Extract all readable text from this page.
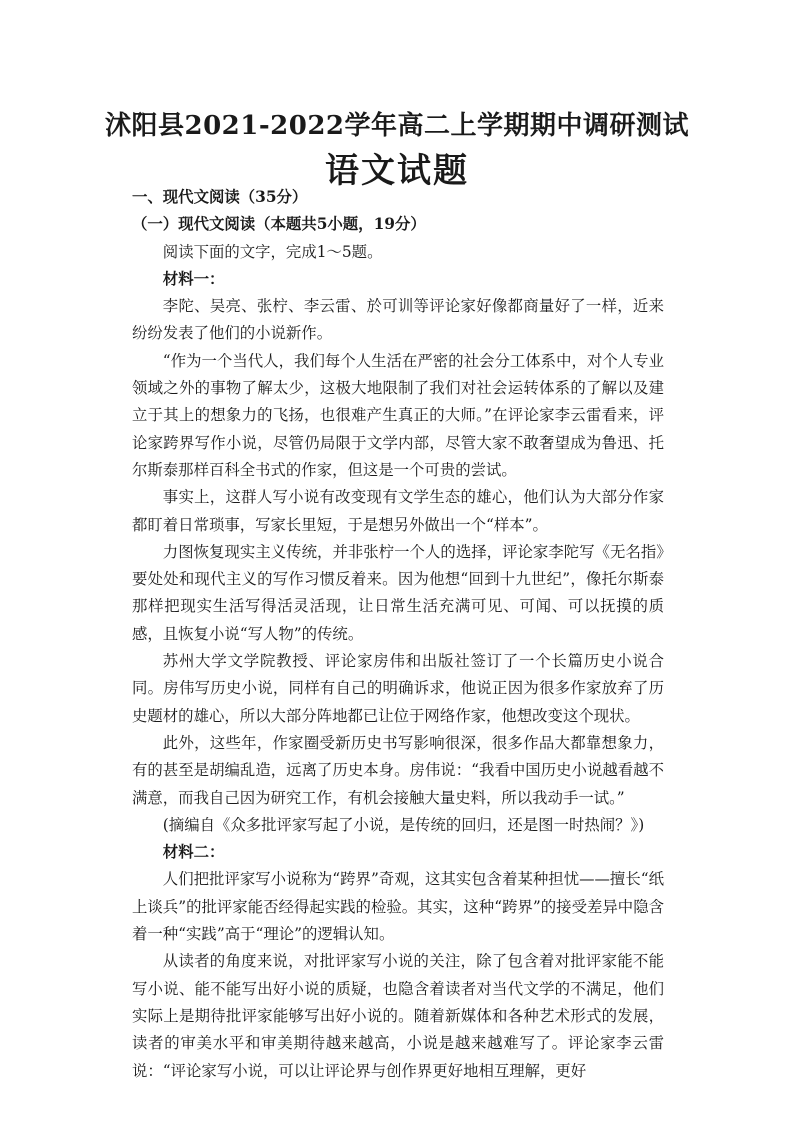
沭阳县2021-2022学年高二上学期期中调研测试
语文试题

一、现代文阅读（35分）

（一）现代文阅读（本题共5小题，19分）

阅读下面的文字，完成1～5题。

材料一：

李陀、吴亮、张柠、李云雷、於可训等评论家好像都商量好了一样，近来纷纷发表了他们的小说新作。

“作为一个当代人，我们每个人生活在严密的社会分工体系中，对个人专业领域之外的事物了解太少，这极大地限制了我们对社会运转体系的了解以及建立于其上的想象力的飞扬，也很难产生真正的大师。”在评论家李云雷看来，评论家跨界写作小说，尽管仍局限于文学内部，尽管大家不敢奢望成为鲁迅、托尔斯泰那样百科全书式的作家，但这是一个可贵的尝试。

事实上，这群人写小说有改变现有文学生态的雄心，他们认为大部分作家都盯着日常琐事，写家长里短，于是想另外做出一个“样本”。

力图恢复现实主义传统，并非张柠一个人的选择，评论家李陀写《无名指》要处处和现代主义的写作习惯反着来。因为他想“回到十九世纪”，像托尔斯泰那样把现实生活写得活灵活现，让日常生活充满可见、可闻、可以抚摸的质感，且恢复小说“写人物”的传统。

苏州大学文学院教授、评论家房伟和出版社签订了一个长篇历史小说合同。房伟写历史小说，同样有自己的明确诉求，他说正因为很多作家放弃了历史题材的雄心，所以大部分阵地都已让位于网络作家，他想改变这个现状。

此外，这些年，作家圈受新历史书写影响很深，很多作品大都靠想象力，有的甚至是胡编乱造，远离了历史本身。房伟说：“我看中国历史小说越看越不满意，而我自己因为研究工作，有机会接触大量史料，所以我动手一试。”

(摘编自《众多批评家写起了小说，是传统的回归，还是图一时热闹？》)

材料二：

人们把批评家写小说称为“跨界”奇观，这其实包含着某种担忧——擅长“纸上谈兵”的批评家能否经得起实践的检验。其实，这种“跨界”的接受差异中隐含着一种“实践”高于“理论”的逻辑认知。

从读者的角度来说，对批评家写小说的关注，除了包含着对批评家能不能写小说、能不能写出好小说的质疑，也隐含着读者对当代文学的不满足，他们实际上是期待批评家能够写出好小说的。随着新媒体和各种艺术形式的发展，读者的审美水平和审美期待越来越高，小说是越来越难写了。评论家李云雷说：“评论家写小说，可以让评论界与创作界更好地相互理解，更好
